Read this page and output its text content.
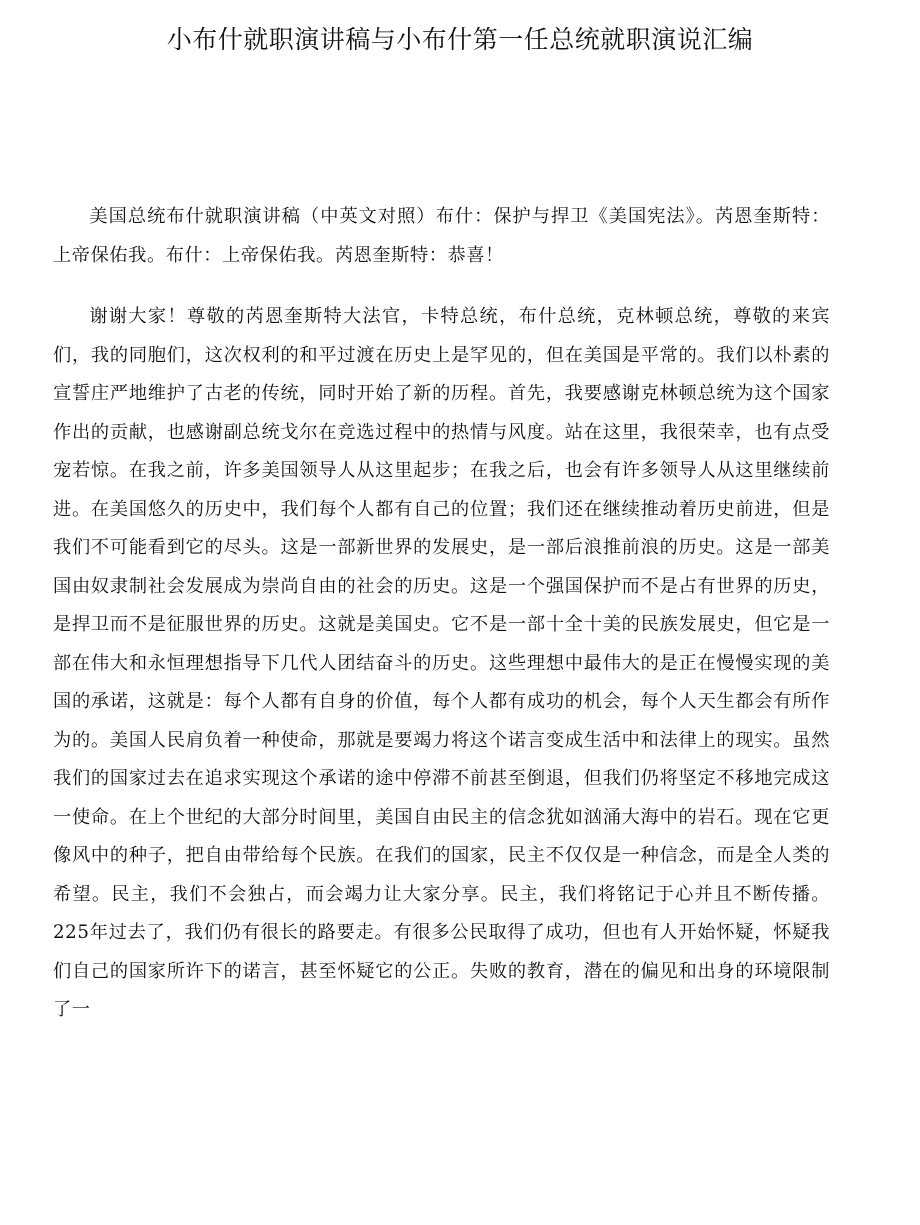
小布什就职演讲稿与小布什第一任总统就职演说汇编

美国总统布什就职演讲稿（中英文对照）布什：保护与捍卫《美国宪法》。芮恩奎斯特：上帝保佑我。布什：上帝保佑我。芮恩奎斯特：恭喜！

谢谢大家！尊敬的芮恩奎斯特大法官，卡特总统，布什总统，克林顿总统，尊敬的来宾们，我的同胞们，这次权利的和平过渡在历史上是罕见的，但在美国是平常的。我们以朴素的宣誓庄严地维护了古老的传统，同时开始了新的历程。首先，我要感谢克林顿总统为这个国家作出的贡献，也感谢副总统戈尔在竞选过程中的热情与风度。站在这里，我很荣幸，也有点受宠若惊。在我之前，许多美国领导人从这里起步；在我之后，也会有许多领导人从这里继续前进。在美国悠久的历史中，我们每个人都有自己的位置；我们还在继续推动着历史前进，但是我们不可能看到它的尽头。这是一部新世界的发展史，是一部后浪推前浪的历史。这是一部美国由奴隶制社会发展成为崇尚自由的社会的历史。这是一个强国保护而不是占有世界的历史，是捍卫而不是征服世界的历史。这就是美国史。它不是一部十全十美的民族发展史，但它是一部在伟大和永恒理想指导下几代人团结奋斗的历史。这些理想中最伟大的是正在慢慢实现的美国的承诺，这就是：每个人都有自身的价值，每个人都有成功的机会，每个人天生都会有所作为的。美国人民肩负着一种使命，那就是要竭力将这个诺言变成生活中和法律上的现实。虽然我们的国家过去在追求实现这个承诺的途中停滞不前甚至倒退，但我们仍将坚定不移地完成这一使命。在上个世纪的大部分时间里，美国自由民主的信念犹如汹涌大海中的岩石。现在它更像风中的种子，把自由带给每个民族。在我们的国家，民主不仅仅是一种信念，而是全人类的希望。民主，我们不会独占，而会竭力让大家分享。民主，我们将铭记于心并且不断传播。225年过去了，我们仍有很长的路要走。有很多公民取得了成功，但也有人开始怀疑，怀疑我们自己的国家所许下的诺言，甚至怀疑它的公正。失败的教育，潜在的偏见和出身的环境限制了一
